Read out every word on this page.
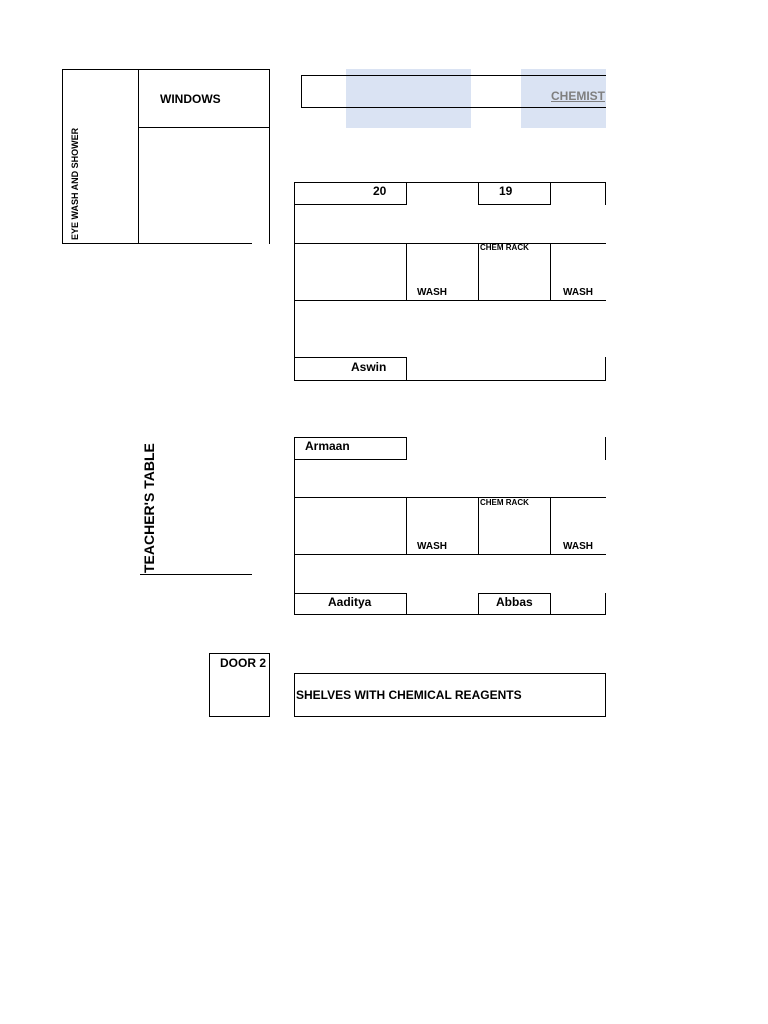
EYE WASH AND SHOWER
WINDOWS	CHEMIST
20	19
CHEM RACK
WASH	WASH
Aswin
TEACHER'S TABLE	Armaan
CHEM RACK
WASH	WASH
Aaditya	Abbas
DOOR 2
SHELVES WITH CHEMICAL REAGENTS
